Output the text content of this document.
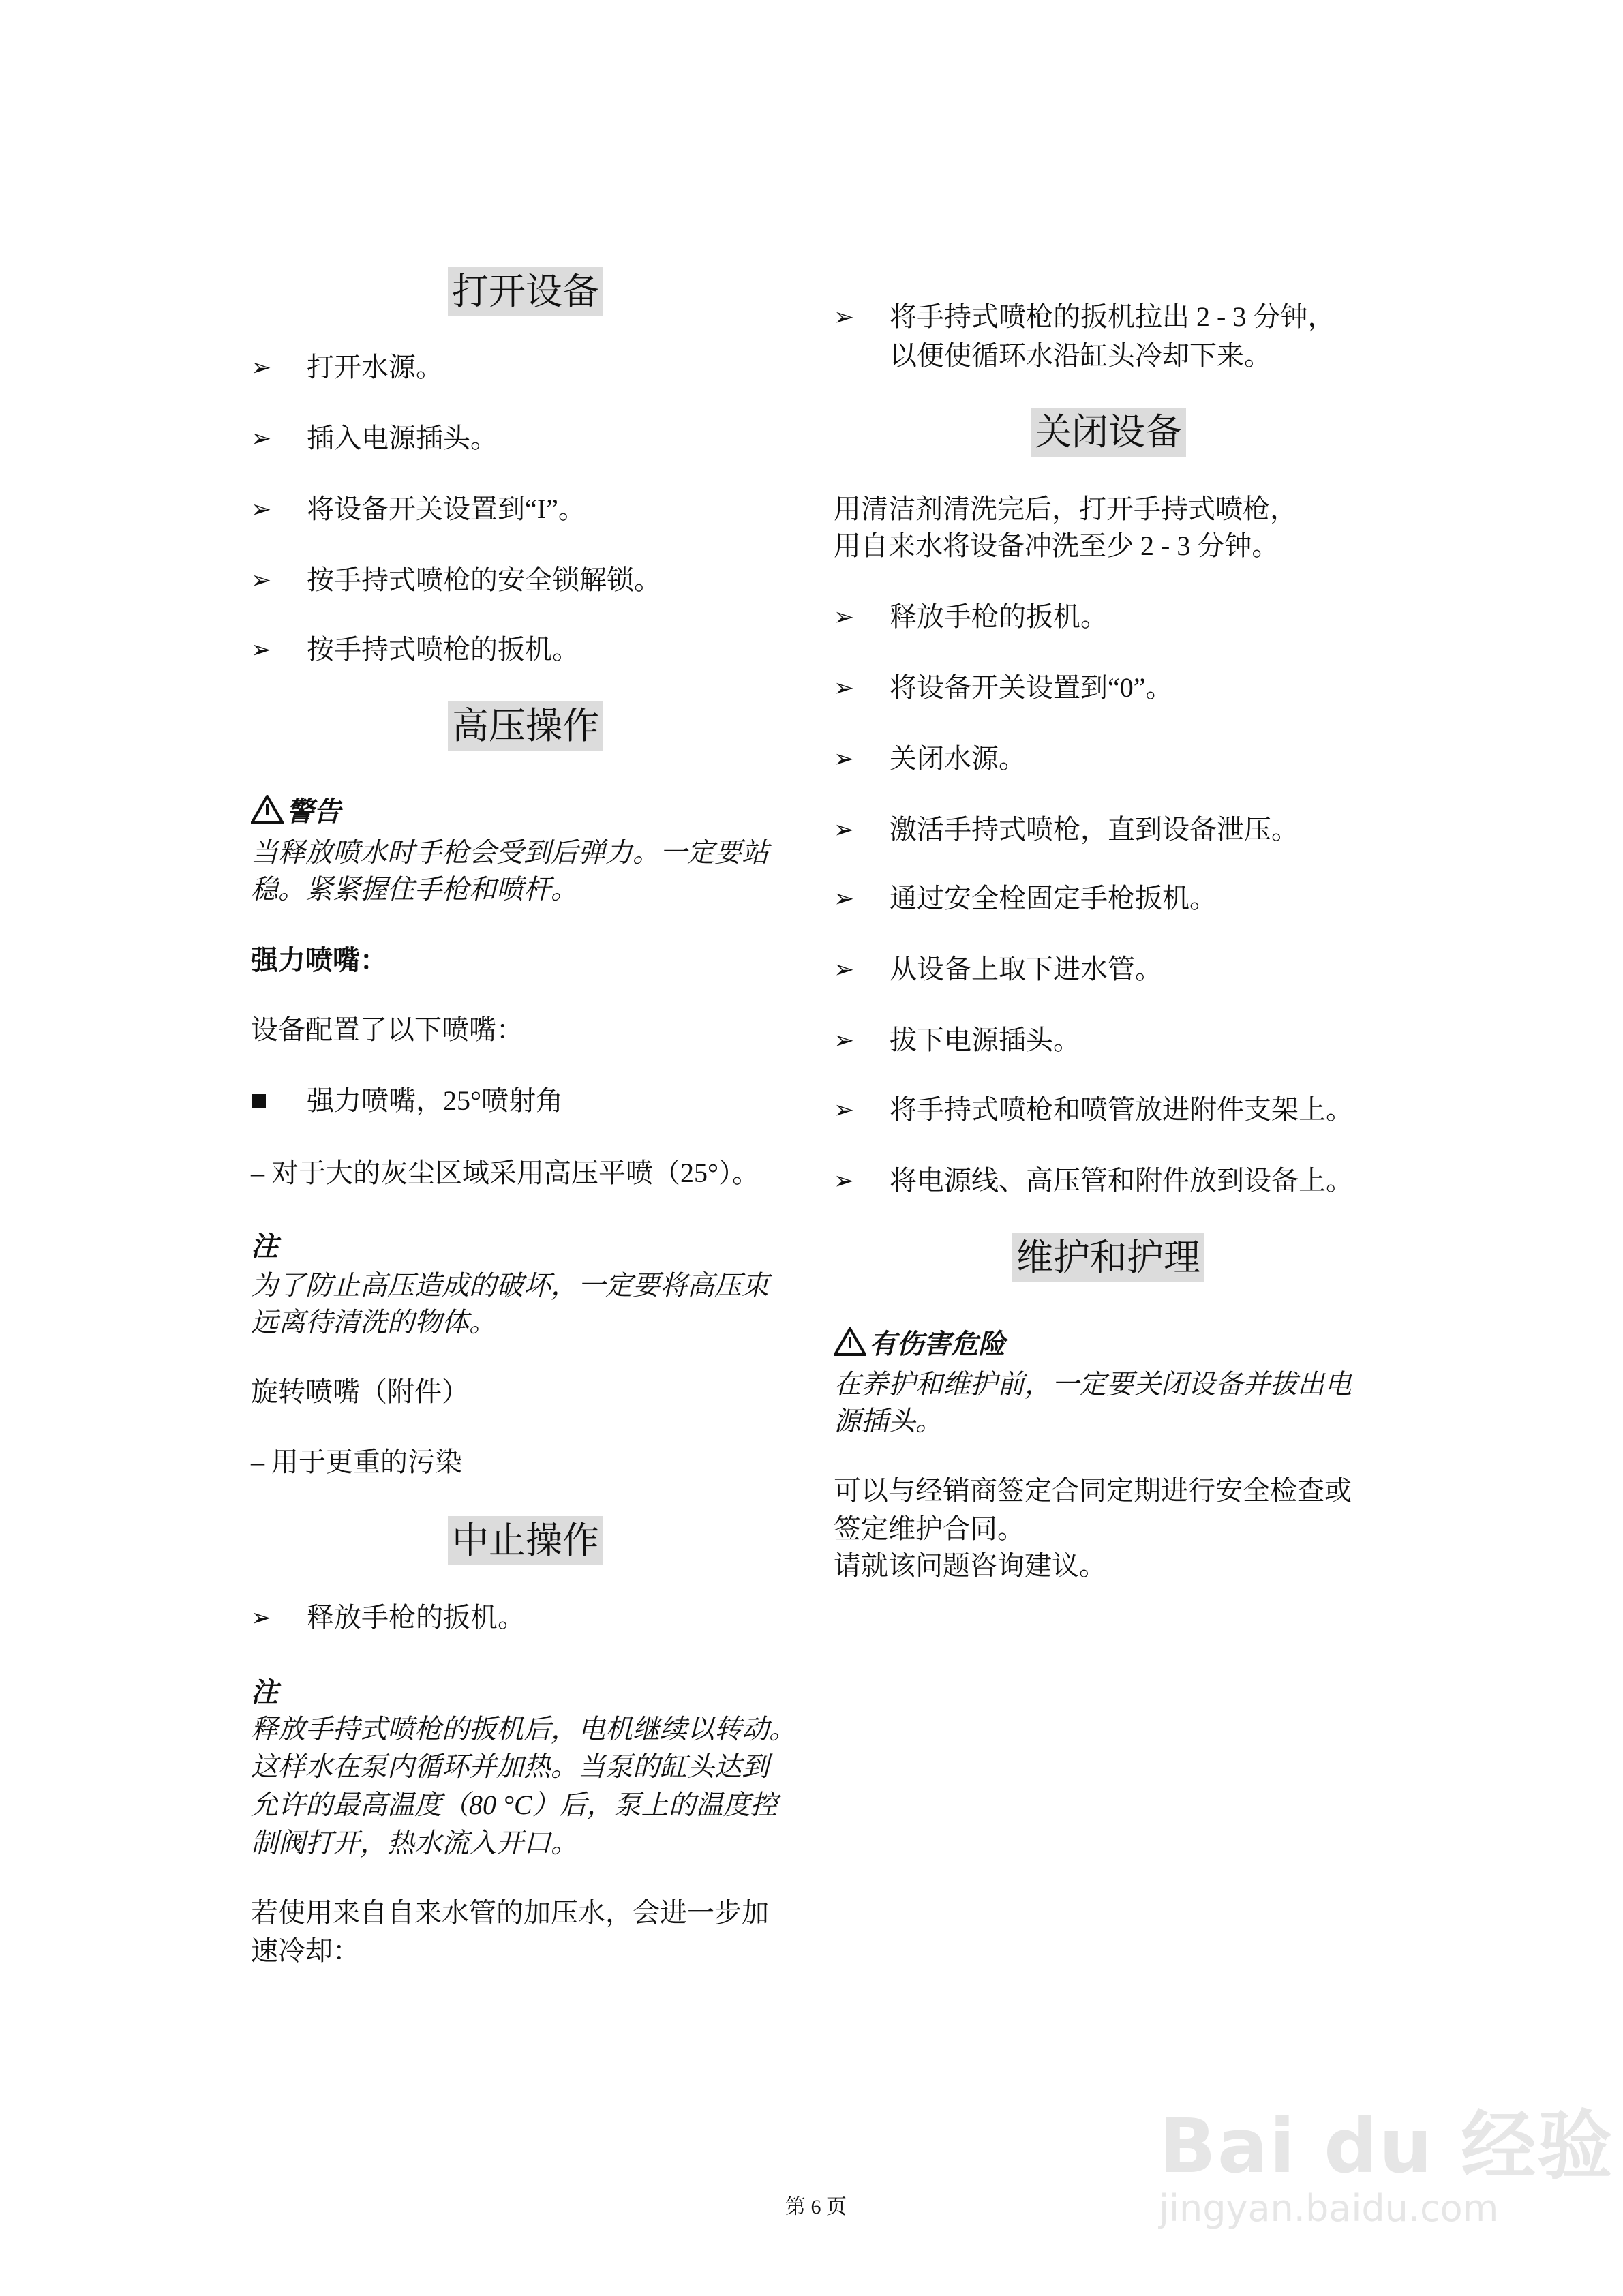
打开设备
➢ 打开水源。
➢ 插入电源插头。
➢ 将设备开关设置到“I”。
➢ 按手持式喷枪的安全锁解锁。
➢ 按手持式喷枪的扳机。
高压操作
警告
当释放喷水时手枪会受到后弹力。一定要站
稳。紧紧握住手枪和喷杆。
强力喷嘴：
设备配置了以下喷嘴：
强力喷嘴，25°喷射角
– 对于大的灰尘区域采用高压平喷（25°）。
注
为了防止高压造成的破坏，一定要将高压束
远离待清洗的物体。
旋转喷嘴（附件）
– 用于更重的污染
中止操作
➢ 释放手枪的扳机。
注
释放手持式喷枪的扳机后，电机继续以转动。
这样水在泵内循环并加热。当泵的缸头达到
允许的最高温度（80 °C）后，泵上的温度控
制阀打开，热水流入开口。
若使用来自自来水管的加压水，会进一步加
速冷却：
➢ 将手持式喷枪的扳机拉出 2 - 3 分钟，
以便使循环水沿缸头冷却下来。
关闭设备
用清洁剂清洗完后，打开手持式喷枪，
用自来水将设备冲洗至少 2 - 3 分钟。
➢ 释放手枪的扳机。
➢ 将设备开关设置到“0”。
➢ 关闭水源。
➢ 激活手持式喷枪，直到设备泄压。
➢ 通过安全栓固定手枪扳机。
➢ 从设备上取下进水管。
➢ 拔下电源插头。
➢ 将手持式喷枪和喷管放进附件支架上。
➢ 将电源线、高压管和附件放到设备上。
维护和护理
有伤害危险
在养护和维护前，一定要关闭设备并拔出电
源插头。
可以与经销商签定合同定期进行安全检查或
签定维护合同。
请就该问题咨询建议。
第 6 页
Bai du 经验
jingyan.baidu.com
